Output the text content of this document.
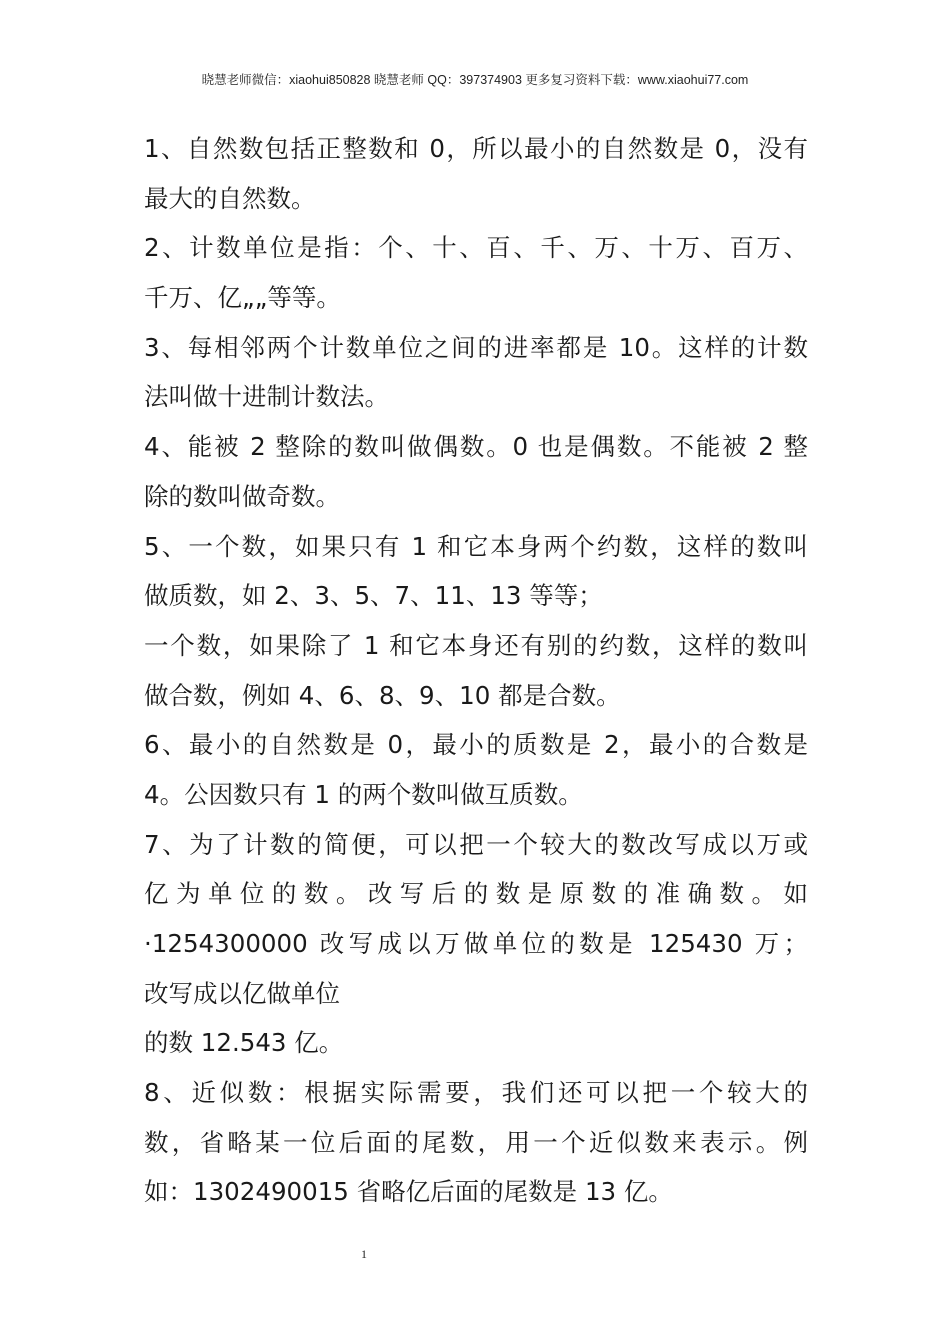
晓慧老师微信：xiaohui850828 晓慧老师 QQ：397374903 更多复习资料下载：www.xiaohui77.com
1、自然数包括正整数和 0，所以最小的自然数是 0，没有
最大的自然数。
2、计数单位是指：个、十、百、千、万、十万、百万、
千万、亿„„等等。
3、每相邻两个计数单位之间的进率都是 10。这样的计数
法叫做十进制计数法。
4、能被 2 整除的数叫做偶数。0 也是偶数。不能被 2 整
除的数叫做奇数。
5、一个数，如果只有 1 和它本身两个约数，这样的数叫
做质数，如 2、3、5、7、11、13 等等；
一个数，如果除了 1 和它本身还有别的约数，这样的数叫
做合数，例如 4、6、8、9、10 都是合数。
6、最小的自然数是 0，最小的质数是 2，最小的合数是
4。公因数只有 1 的两个数叫做互质数。
7、为了计数的简便，可以把一个较大的数改写成以万或
亿为单位的数。改写后的数是原数的准确数。如
·1254300000 改写成以万做单位的数是 125430 万；
改写成以亿做单位
的数 12.543 亿。
8、近似数：根据实际需要，我们还可以把一个较大的
数，省略某一位后面的尾数，用一个近似数来表示。例
如：1302490015 省略亿后面的尾数是 13 亿。
1
